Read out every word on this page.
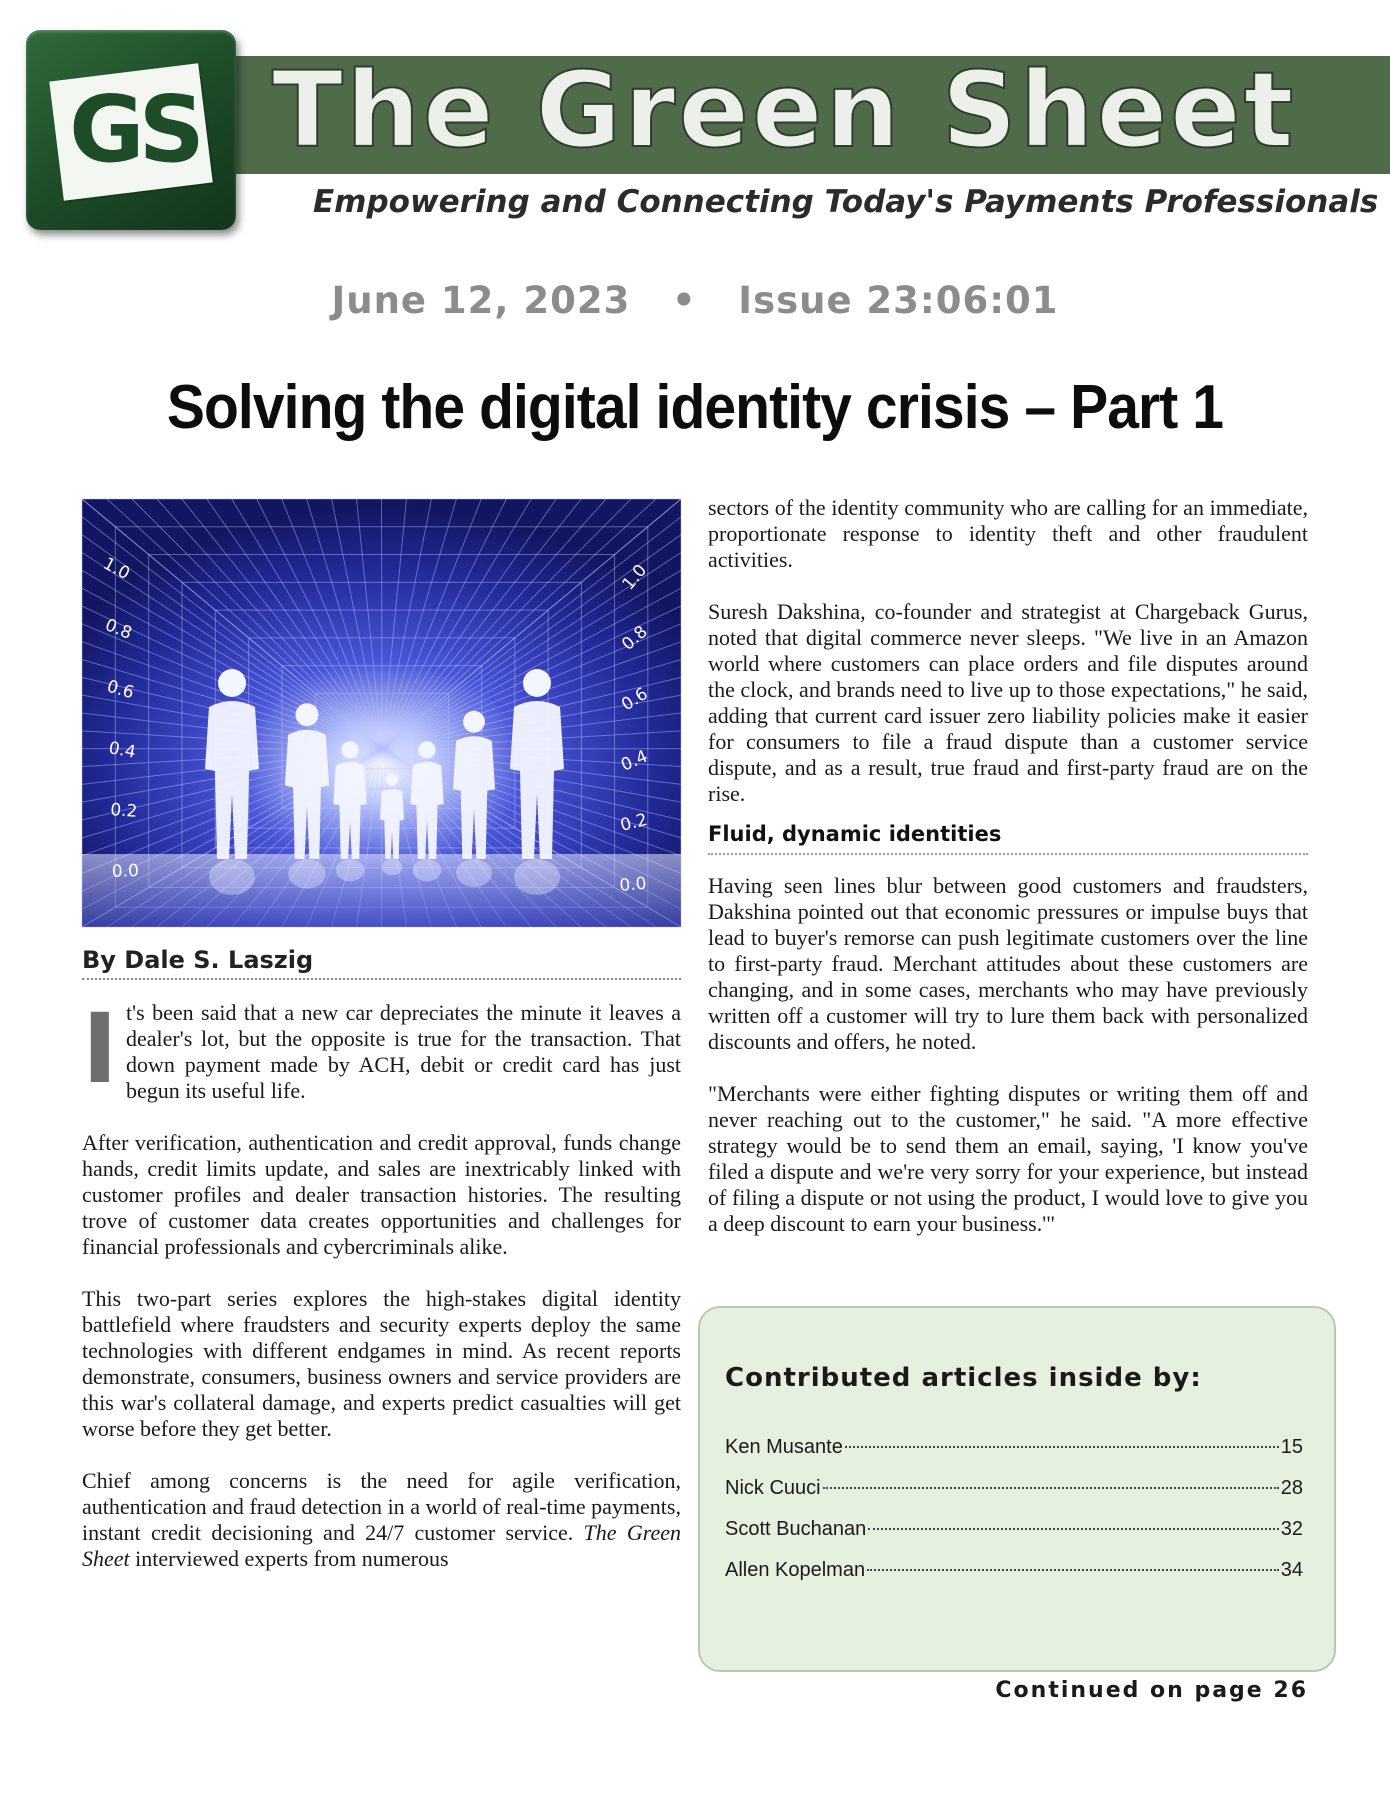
GS The Green Sheet
Empowering and Connecting Today's Payments Professionals
June 12, 2023 • Issue 23:06:01
Solving the digital identity crisis – Part 1
1.0
0.8
0.6
0.4
0.2
0.0
1.0
0.8
0.6
0.4
0.2
0.0
By Dale S. Laszig

I t's been said that a new car depreciates the minute it leaves a dealer's lot, but the opposite is true for the transaction. That down payment made by ACH, debit or credit card has just begun its useful life.

After verification, authentication and credit approval, funds change hands, credit limits update, and sales are inextricably linked with customer profiles and dealer transaction histories. The resulting trove of customer data creates opportunities and challenges for financial professionals and cybercriminals alike.

This two-part series explores the high-stakes digital identity battlefield where fraudsters and security experts deploy the same technologies with different endgames in mind. As recent reports demonstrate, consumers, business owners and service providers are this war's collateral damage, and experts predict casualties will get worse before they get better.

Chief among concerns is the need for agile verification, authentication and fraud detection in a world of real-time payments, instant credit decisioning and 24/7 customer service. The Green Sheet interviewed experts from numerous

sectors of the identity community who are calling for an immediate, proportionate response to identity theft and other fraudulent activities.

Suresh Dakshina, co-founder and strategist at Chargeback Gurus, noted that digital commerce never sleeps. "We live in an Amazon world where customers can place orders and file disputes around the clock, and brands need to live up to those expectations," he said, adding that current card issuer zero liability policies make it easier for consumers to file a fraud dispute than a customer service dispute, and as a result, true fraud and first-party fraud are on the rise.

Fluid, dynamic identities

Having seen lines blur between good customers and fraudsters, Dakshina pointed out that economic pressures or impulse buys that lead to buyer's remorse can push legitimate customers over the line to first-party fraud. Merchant attitudes about these customers are changing, and in some cases, merchants who may have previously written off a customer will try to lure them back with personalized discounts and offers, he noted.

"Merchants were either fighting disputes or writing them off and never reaching out to the customer," he said. "A more effective strategy would be to send them an email, saying, 'I know you've filed a dispute and we're very sorry for your experience, but instead of filing a dispute or not using the product, I would love to give you a deep discount to earn your business.'"

Contributed articles inside by:
Ken Musante	15
Nick Cuuci	28
Scott Buchanan	32
Allen Kopelman	34
Continued on page 26
